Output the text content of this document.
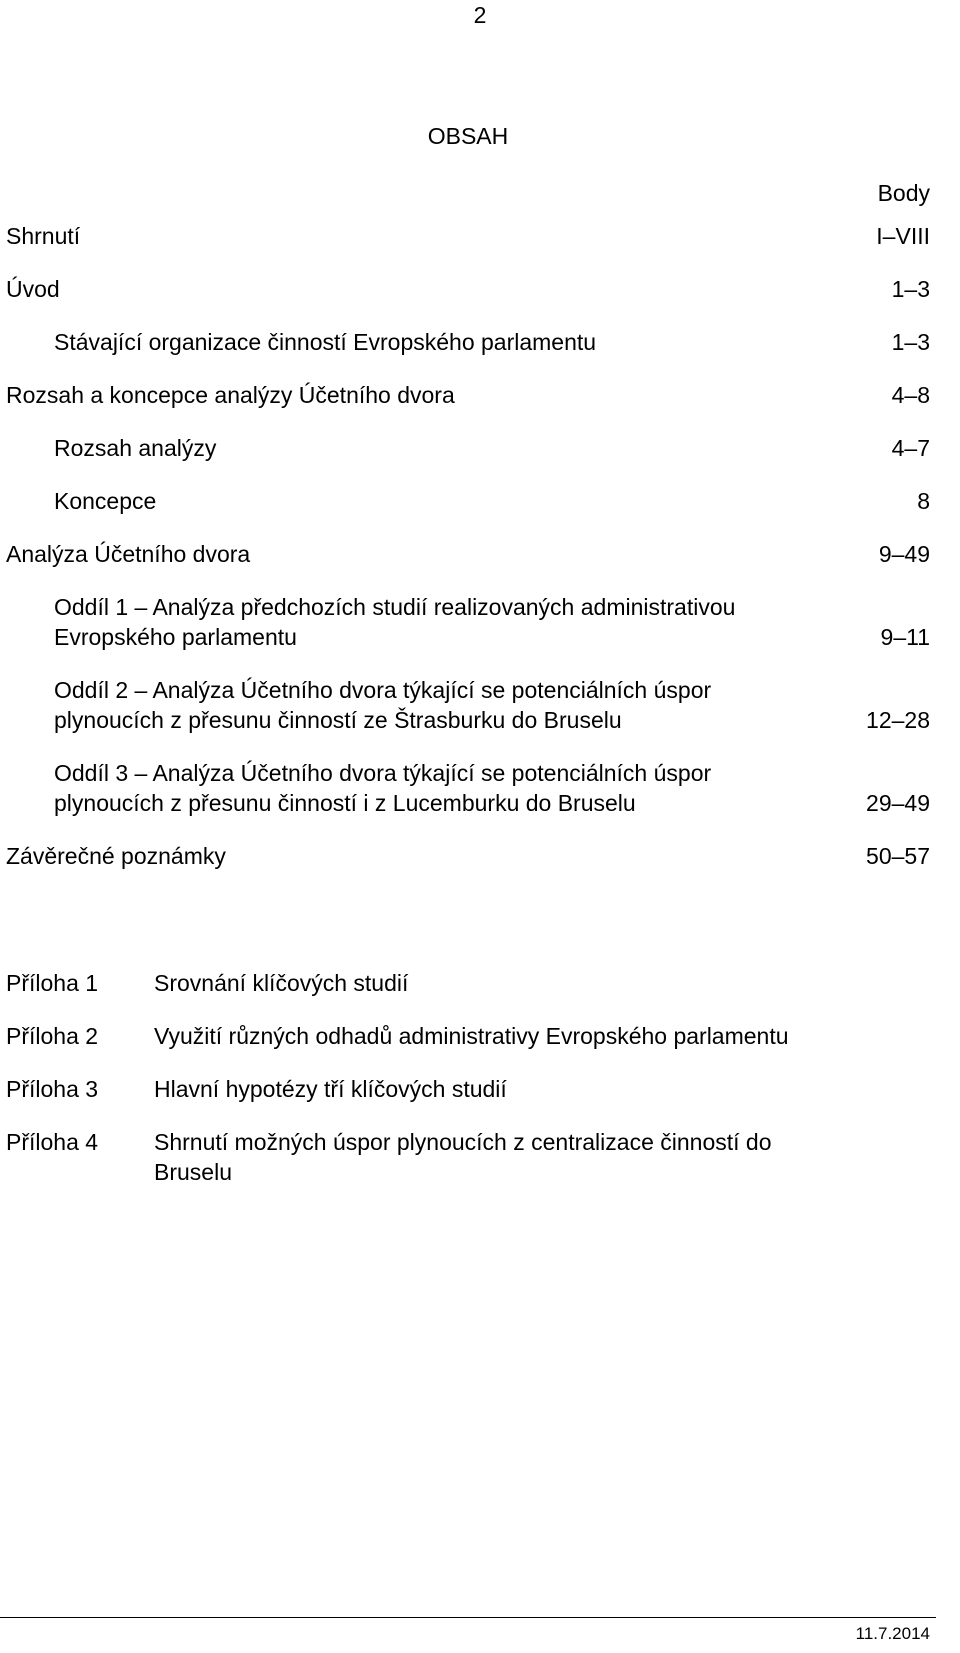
2
OBSAH
Body
Shrnutí	I–VIII
Úvod	1–3
Stávající organizace činností Evropského parlamentu	1–3
Rozsah a koncepce analýzy Účetního dvora	4–8
Rozsah analýzy	4–7
Koncepce	8
Analýza Účetního dvora	9–49
Oddíl 1 – Analýza předchozích studií realizovaných administrativou
Evropského parlamentu	9–11
Oddíl 2 – Analýza Účetního dvora týkající se potenciálních úspor
plynoucích z přesunu činností ze Štrasburku do Bruselu	12–28
Oddíl 3 – Analýza Účetního dvora týkající se potenciálních úspor
plynoucích z přesunu činností i z Lucemburku do Bruselu	29–49
Závěrečné poznámky	50–57
Příloha 1 Srovnání klíčových studií
Příloha 2 Využití různých odhadů administrativy Evropského parlamentu
Příloha 3 Hlavní hypotézy tří klíčových studií
Příloha 4 Shrnutí možných úspor plynoucích z centralizace činností do Bruselu
11.7.2014
